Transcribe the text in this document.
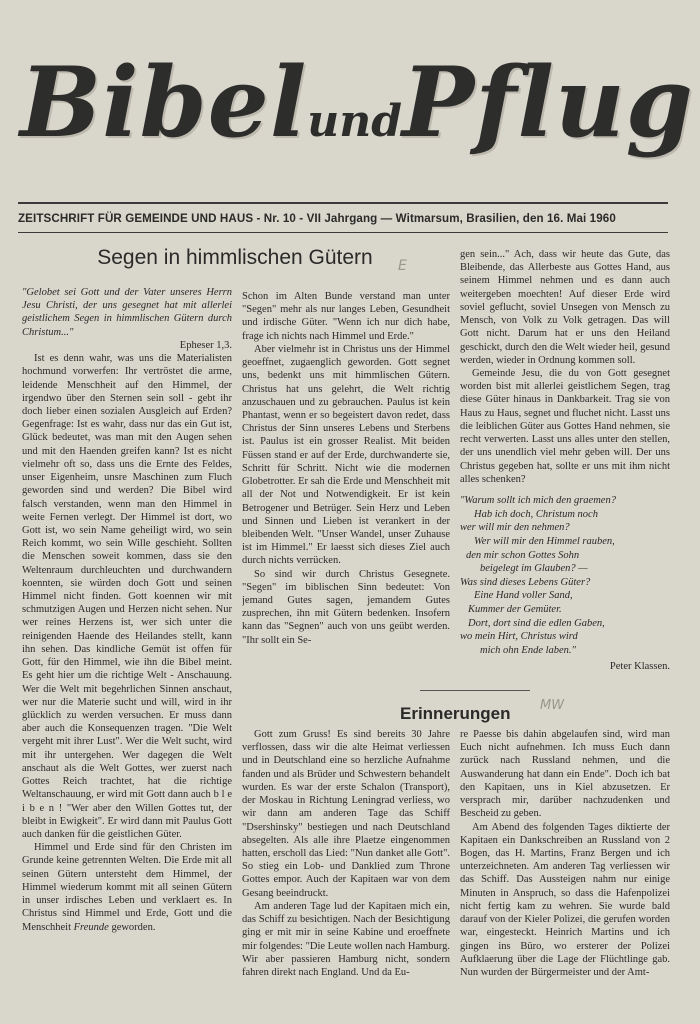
BibelundPflug
ZEITSCHRIFT FÜR GEMEINDE UND HAUS - Nr. 10 - VII Jahrgang — Witmarsum, Brasilien, den 16. Mai 1960
Segen in himmlischen Gütern	E

"Gelobet sei Gott und der Vater unseres Herrn Jesu Christi, der uns gesegnet hat mit allerlei geistlichem Segen in himmlischen Gütern durch Christum..."

Epheser 1,3.

Ist es denn wahr, was uns die Materialisten hochmund vorwerfen: Ihr vertröstet die arme, leidende Menschheit auf den Himmel, der irgendwo über den Sternen sein soll - gebt ihr doch lieber einen sozialen Ausgleich auf Erden? Gegenfrage: Ist es wahr, dass nur das ein Gut ist, Glück bedeutet, was man mit den Augen sehen und mit den Haenden greifen kann? Ist es nicht vielmehr oft so, dass uns die Ernte des Feldes, unser Eigenheim, unsre Maschinen zum Fluch geworden sind und werden? Die Bibel wird falsch verstanden, wenn man den Himmel in weite Fernen verlegt. Der Himmel ist dort, wo Gott ist, wo sein Name geheiligt wird, wo sein Reich kommt, wo sein Wille geschieht. Sollten die Menschen soweit kommen, dass sie den Weltenraum durchleuchten und durchwandern koennten, sie würden doch Gott und seinen Himmel nicht finden. Gott koennen wir mit schmutzigen Augen und Herzen nicht sehen. Nur wer reines Herzens ist, wer sich unter die reinigenden Haende des Heilandes stellt, kann ihn sehen. Das kindliche Gemüt ist offen für Gott, für den Himmel, wie ihn die Bibel meint. Es geht hier um die richtige Welt - Anschauung. Wer die Welt mit begehrlichen Sinnen anschaut, wer nur die Materie sucht und will, wird in ihr glücklich zu werden versuchen. Er muss dann aber auch die Konsequenzen tragen. "Die Welt vergeht mit ihrer Lust". Wer die Welt sucht, wird mit ihr untergehen. Wer dagegen die Welt anschaut als die Welt Gottes, wer zuerst nach Gottes Reich trachtet, hat die richtige Weltanschauung, er wird mit Gott dann auch b l e i b e n ! "Wer aber den Willen Gottes tut, der bleibt in Ewigkeit". Er wird dann mit Paulus Gott auch danken für die geistlichen Güter.

Himmel und Erde sind für den Christen im Grunde keine getrennten Welten. Die Erde mit all seinen Gütern untersteht dem Himmel, der Himmel wiederum kommt mit all seinen Gütern in unser irdisches Leben und verklaert es. In Christus sind Himmel und Erde, Gott und die Menschheit Freunde geworden.

Schon im Alten Bunde verstand man unter "Segen" mehr als nur langes Leben, Gesundheit und irdische Güter. "Wenn ich nur dich habe, frage ich nichts nach Himmel und Erde."

Aber vielmehr ist in Christus uns der Himmel geoeffnet, zugaenglich geworden. Gott segnet uns, bedenkt uns mit himmlischen Gütern. Christus hat uns gelehrt, die Welt richtig anzuschauen und zu gebrauchen. Paulus ist kein Phantast, wenn er so begeistert davon redet, dass Christus der Sinn unseres Lebens und Sterbens ist. Paulus ist ein grosser Realist. Mit beiden Füssen stand er auf der Erde, durchwanderte sie, Schritt für Schritt. Nicht wie die modernen Globetrotter. Er sah die Erde und Menschheit mit all der Not und Notwendigkeit. Er ist kein Betrogener und Betrüger. Sein Herz und Leben und Sinnen und Lieben ist verankert in der bleibenden Welt. "Unser Wandel, unser Zuhause ist im Himmel." Er laesst sich dieses Ziel auch durch nichts verrücken.

So sind wir durch Christus Gesegnete. "Segen" im biblischen Sinn bedeutet: Von jemand Gutes sagen, jemandem Gutes zusprechen, ihn mit Gütern bedenken. Insofern kann das "Segnen" auch von uns geübt werden. "Ihr sollt ein Se-

gen sein..." Ach, dass wir heute das Gute, das Bleibende, das Allerbeste aus Gottes Hand, aus seinem Himmel nehmen und es dann auch weitergeben moechten! Auf dieser Erde wird soviel geflucht, soviel Unsegen von Mensch zu Mensch, von Volk zu Volk getragen. Das will Gott nicht. Darum hat er uns den Heiland geschickt, durch den die Welt wieder heil, gesund werden, wieder in Ordnung kommen soll.

Gemeinde Jesu, die du von Gott gesegnet worden bist mit allerlei geistlichem Segen, trag diese Güter hinaus in Dankbarkeit. Trag sie von Haus zu Haus, segnet und fluchet nicht. Lasst uns die leiblichen Güter aus Gottes Hand nehmen, sie recht verwerten. Lasst uns alles unter den stellen, der uns unendlich viel mehr geben will. Der uns Christus gegeben hat, sollte er uns mit ihm nicht alles schenken?

"Warum sollt ich mich den graemen?
Hab ich doch, Christum noch
wer will mir den nehmen?
Wer will mir den Himmel rauben,
den mir schon Gottes Sohn
beigelegt im Glauben? —
Was sind dieses Lebens Güter?
Eine Hand voller Sand,
Kummer der Gemüter.
Dort, dort sind die edlen Gaben,
wo mein Hirt, Christus wird
mich ohn Ende laben."
Peter Klassen.
Erinnerungen	MW

Gott zum Gruss! Es sind bereits 30 Jahre verflossen, dass wir die alte Heimat verliessen und in Deutschland eine so herzliche Aufnahme fanden und als Brüder und Schwestern behandelt wurden. Es war der erste Schalon (Transport), der Moskau in Richtung Leningrad verliess, wo wir dann am anderen Tage das Schiff "Dsershinsky" bestiegen und nach Deutschland absegelten. Als alle ihre Plaetze eingenommen hatten, erscholl das Lied: "Nun danket alle Gott". So stieg ein Lob- und Danklied zum Throne Gottes empor. Auch der Kapitaen war von dem Gesang beeindruckt.

Am anderen Tage lud der Kapitaen mich ein, das Schiff zu besichtigen. Nach der Besichtigung ging er mit mir in seine Kabine und eroeffnete mir folgendes: "Die Leute wollen nach Hamburg. Wir aber passieren Hamburg nicht, sondern fahren direkt nach England. Und da Eu-

re Paesse bis dahin abgelaufen sind, wird man Euch nicht aufnehmen. Ich muss Euch dann zurück nach Russland nehmen, und die Auswanderung hat dann ein Ende". Doch ich bat den Kapitaen, uns in Kiel abzusetzen. Er versprach mir, darüber nachzudenken und Bescheid zu geben.

Am Abend des folgenden Tages diktierte der Kapitaen ein Dankschreiben an Russland von 2 Bogen, das H. Martins, Franz Bergen und ich unterzeichneten. Am anderen Tag verliessen wir das Schiff. Das Aussteigen nahm nur einige Minuten in Anspruch, so dass die Hafenpolizei nicht fertig kam zu wehren. Sie wurde bald darauf von der Kieler Polizei, die gerufen worden war, eingesteckt. Heinrich Martins und ich gingen ins Büro, wo ersterer der Polizei Aufklaerung über die Lage der Flüchtlinge gab. Nun wurden der Bürgermeister und der Amt-
